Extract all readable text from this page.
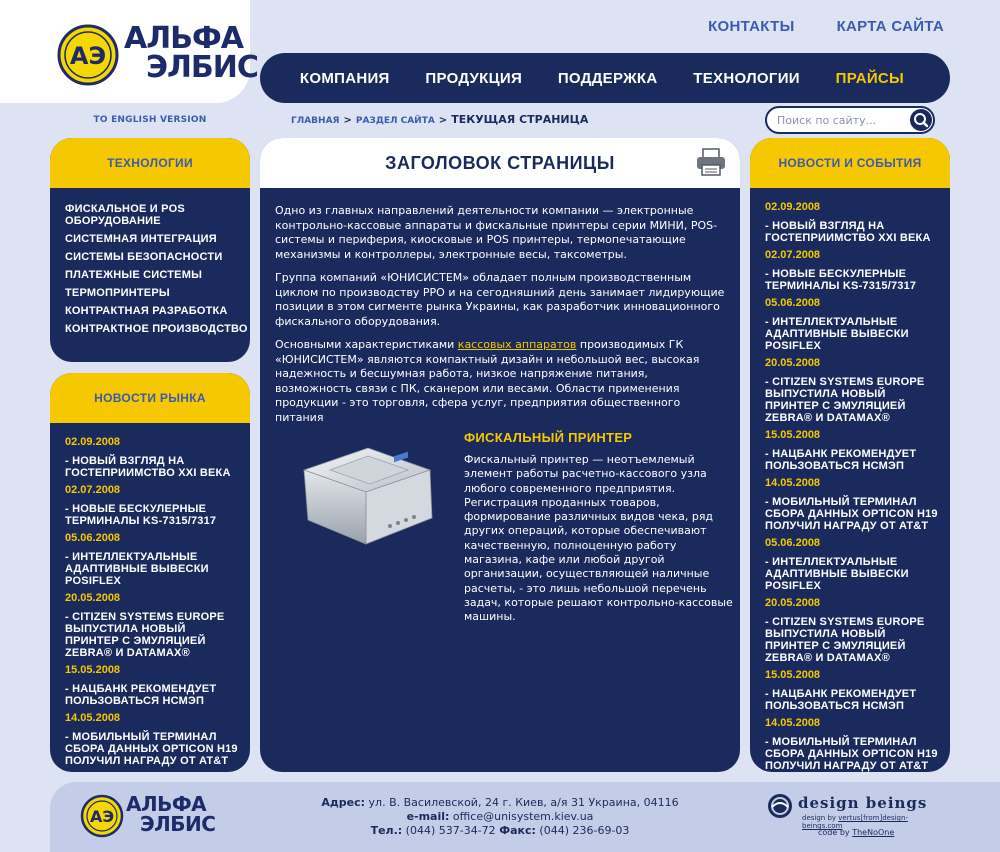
АЭ АЛЬФА
ЭЛБИС
КОНТАКТЫ	КАРТА САЙТА
КОМПАНИЯ ПРОДУКЦИЯ ПОДДЕРЖКА ТЕХНОЛОГИИ ПРАЙСЫ
TO ENGLISH VERSION	ГЛАВНАЯ > РАЗДЕЛ САЙТА > ТЕКУЩАЯ СТРАНИЦА
Поиск по сайту...
ТЕХНОЛОГИИ
ФИСКАЛЬНОЕ И POS ОБОРУДОВАНИЕ
СИСТЕМНАЯ ИНТЕГРАЦИЯ
СИСТЕМЫ БЕЗОПАСНОСТИ
ПЛАТЕЖНЫЕ СИСТЕМЫ
ТЕРМОПРИНТЕРЫ
КОНТРАКТНАЯ РАЗРАБОТКА
КОНТРАКТНОЕ ПРОИЗВОДСТВО
НОВОСТИ РЫНКА
02.09.2008
- НОВЫЙ ВЗГЛЯД НА ГОСТЕПРИИМСТВО XXI ВЕКА
02.07.2008
- НОВЫЕ БЕСКУЛЕРНЫЕ ТЕРМИНАЛЫ KS-7315/7317
05.06.2008
- ИНТЕЛЛЕКТУАЛЬНЫЕ АДАПТИВНЫЕ ВЫВЕСКИ POSIFLEX
20.05.2008
- CITIZEN SYSTEMS EUROPE ВЫПУСТИЛА НОВЫЙ ПРИНТЕР С ЭМУЛЯЦИЕЙ ZEBRA® И DATAMAX®
15.05.2008
- НАЦБАНК РЕКОМЕНДУЕТ ПОЛЬЗОВАТЬСЯ НСМЭП
14.05.2008
- МОБИЛЬНЫЙ ТЕРМИНАЛ СБОРА ДАННЫХ OPTICON H19 ПОЛУЧИЛ НАГРАДУ ОТ AT&T
ЗАГОЛОВОК СТРАНИЦЫ

Одно из главных направлений деятельности компании — электронные контрольно-кассовые аппараты и фискальные принтеры серии МИНИ, POS-системы и периферия, киосковые и POS принтеры, термопечатающие механизмы и контроллеры, электронные весы, таксометры.

Группа компаний «ЮНИСИСТЕМ» обладает полным производственным циклом по производству РРО и на сегодняшний день занимает лидирующие позиции в этом сигменте рынка Украины, как разработчик инновационного фискального оборудования.

Основными характеристиками кассовых аппаратов производимых ГК «ЮНИСИСТЕМ» являются компактный дизайн и небольшой вес, высокая надежность и бесшумная работа, низкое напряжение питания, возможность связи с ПК, сканером или весами. Области применения продукции - это торговля, сфера услуг, предприятия общественного питания

ФИСКАЛЬНЫЙ ПРИНТЕР
Фискальный принтер — неотъемлемый элемент работы расчетно-кассового узла любого современного предприятия. Регистрация проданных товаров, формирование различных видов чека, ряд других операций, которые обеспечивают качественную, полноценную работу магазина, кафе или любой другой организации, осуществляющей наличные расчеты, - это лишь небольшой перечень задач, которые решают контрольно-кассовые машины.
НОВОСТИ И СОБЫТИЯ
02.09.2008
- НОВЫЙ ВЗГЛЯД НА ГОСТЕПРИИМСТВО XXI ВЕКА
02.07.2008
- НОВЫЕ БЕСКУЛЕРНЫЕ ТЕРМИНАЛЫ KS-7315/7317
05.06.2008
- ИНТЕЛЛЕКТУАЛЬНЫЕ АДАПТИВНЫЕ ВЫВЕСКИ POSIFLEX
20.05.2008
- CITIZEN SYSTEMS EUROPE ВЫПУСТИЛА НОВЫЙ ПРИНТЕР С ЭМУЛЯЦИЕЙ ZEBRA® И DATAMAX®
15.05.2008
- НАЦБАНК РЕКОМЕНДУЕТ ПОЛЬЗОВАТЬСЯ НСМЭП
14.05.2008
- МОБИЛЬНЫЙ ТЕРМИНАЛ СБОРА ДАННЫХ OPTICON H19 ПОЛУЧИЛ НАГРАДУ ОТ AT&T
05.06.2008
- ИНТЕЛЛЕКТУАЛЬНЫЕ АДАПТИВНЫЕ ВЫВЕСКИ POSIFLEX
20.05.2008
- CITIZEN SYSTEMS EUROPE ВЫПУСТИЛА НОВЫЙ ПРИНТЕР С ЭМУЛЯЦИЕЙ ZEBRA® И DATAMAX®
15.05.2008
- НАЦБАНК РЕКОМЕНДУЕТ ПОЛЬЗОВАТЬСЯ НСМЭП
14.05.2008
- МОБИЛЬНЫЙ ТЕРМИНАЛ СБОРА ДАННЫХ OPTICON H19 ПОЛУЧИЛ НАГРАДУ ОТ AT&T
АЭ
АЛЬФА
ЭЛБИС
Адрес: ул. В. Василевской, 24 г. Киев, а/я 31 Украина, 04116
e-mail: office@unisystem.kiev.ua
Тел.: (044) 537-34-72 Факс: (044) 236-69-03
design beings
design by vertus[from]design-beings.com
code by TheNoOne
